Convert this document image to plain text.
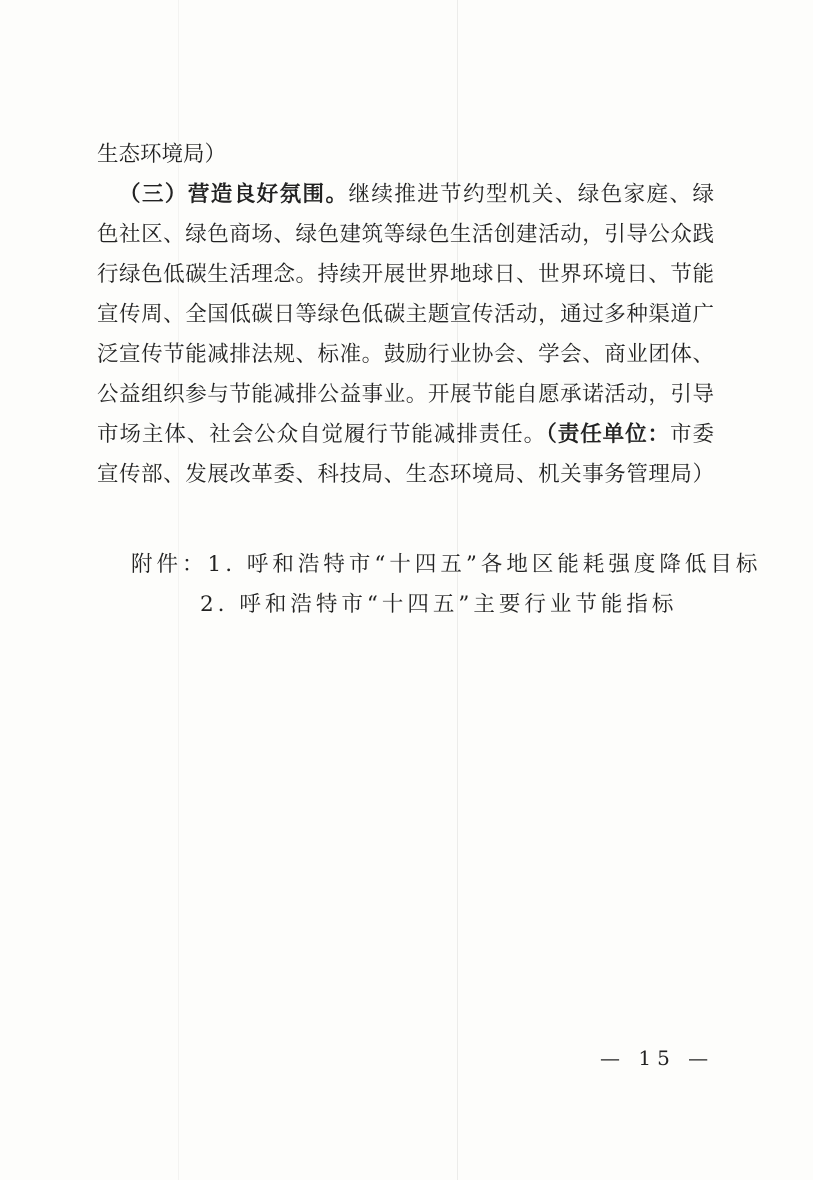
生态环境局）
（三）营造良好氛围。继续推进节约型机关、绿色家庭、绿
色社区、绿色商场、绿色建筑等绿色生活创建活动，引导公众践
行绿色低碳生活理念。持续开展世界地球日、世界环境日、节能
宣传周、全国低碳日等绿色低碳主题宣传活动，通过多种渠道广
泛宣传节能减排法规、标准。鼓励行业协会、学会、商业团体、
公益组织参与节能减排公益事业。开展节能自愿承诺活动，引导
市场主体、社会公众自觉履行节能减排责任。（责任单位：市委
宣传部、发展改革委、科技局、生态环境局、机关事务管理局）
附件：1. 呼和浩特市“十四五”各地区能耗强度降低目标
2. 呼和浩特市“十四五”主要行业节能指标
— 15 —
